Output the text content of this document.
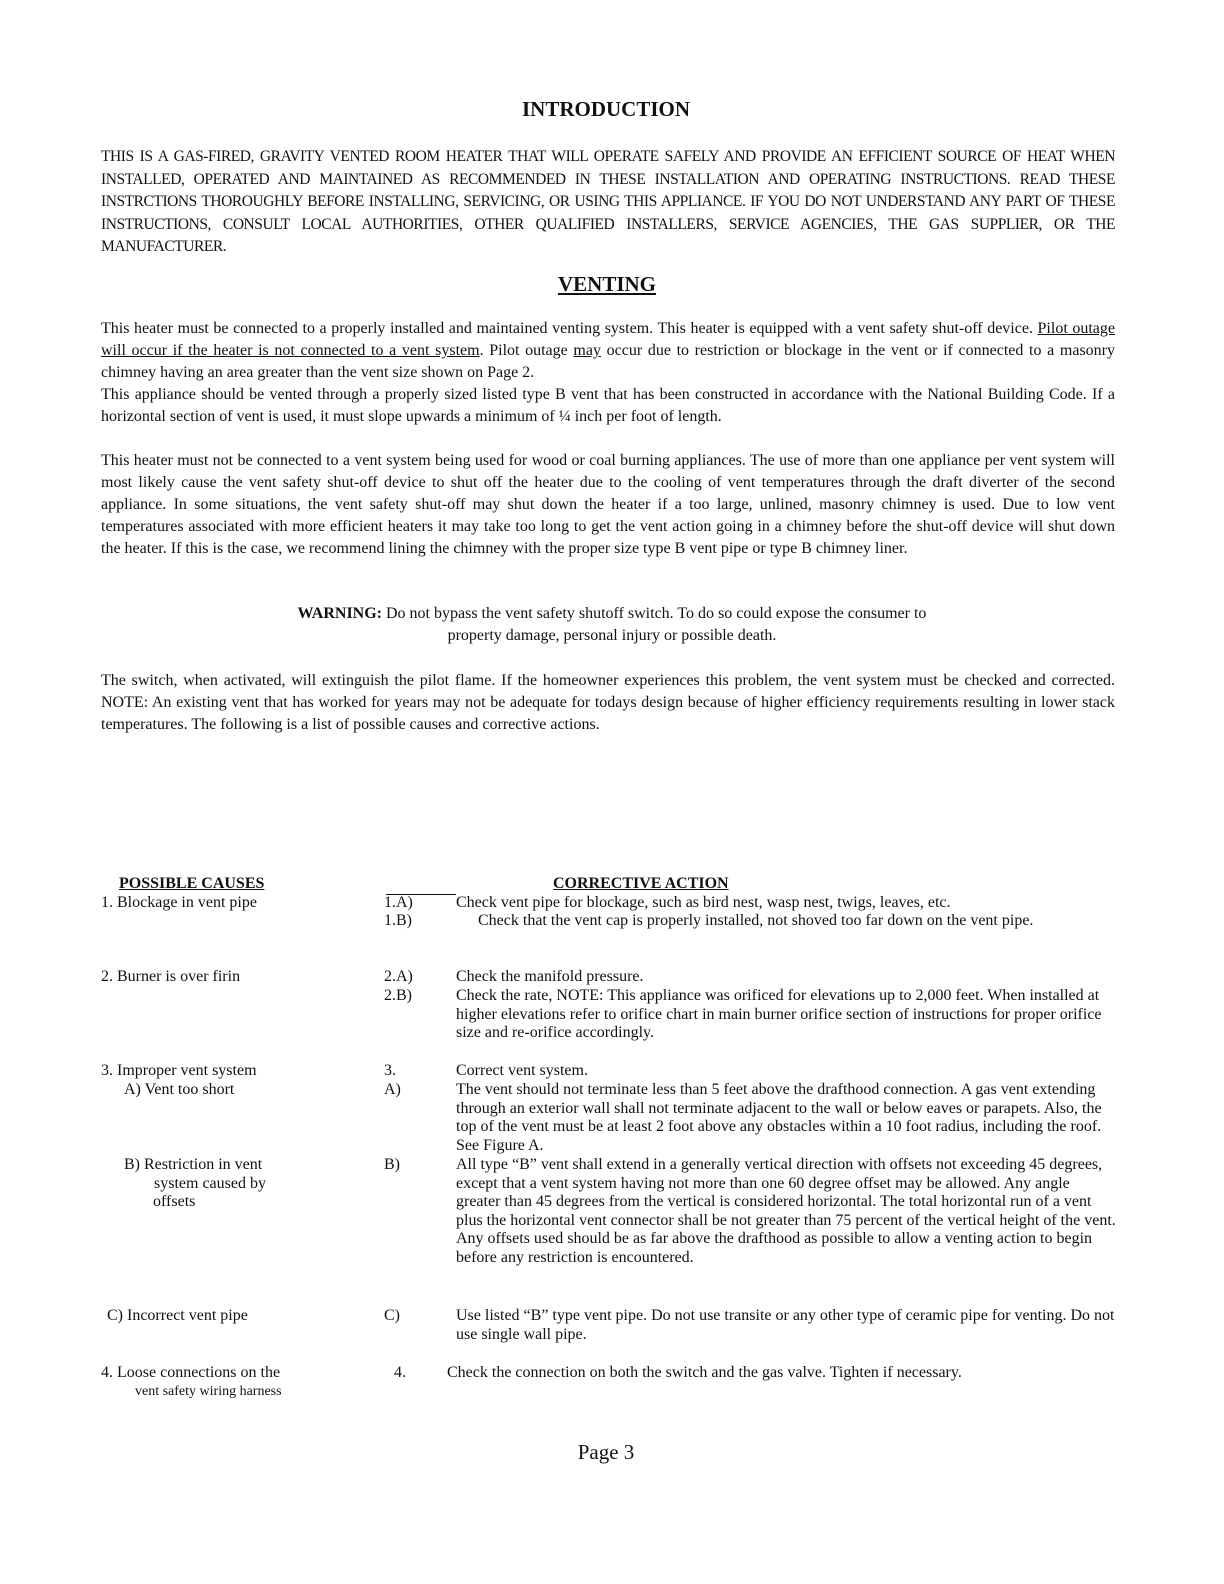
INTRODUCTION
THIS IS A GAS-FIRED, GRAVITY VENTED ROOM HEATER THAT WILL OPERATE SAFELY AND PROVIDE AN EFFICIENT SOURCE OF HEAT WHEN INSTALLED, OPERATED AND MAINTAINED AS RECOMMENDED IN THESE INSTALLATION AND OPERATING INSTRUCTIONS. READ THESE INSTRCTIONS THOROUGHLY BEFORE INSTALLING, SERVICING, OR USING THIS APPLIANCE. IF YOU DO NOT UNDERSTAND ANY PART OF THESE INSTRUCTIONS, CONSULT LOCAL AUTHORITIES, OTHER QUALIFIED INSTALLERS, SERVICE AGENCIES, THE GAS SUPPLIER, OR THE MANUFACTURER.
VENTING
This heater must be connected to a properly installed and maintained venting system. This heater is equipped with a vent safety shut-off device. Pilot outage will occur if the heater is not connected to a vent system. Pilot outage may occur due to restriction or blockage in the vent or if connected to a masonry chimney having an area greater than the vent size shown on Page 2.
This appliance should be vented through a properly sized listed type B vent that has been constructed in accordance with the National Building Code. If a horizontal section of vent is used, it must slope upwards a minimum of ¼ inch per foot of length.
This heater must not be connected to a vent system being used for wood or coal burning appliances. The use of more than one appliance per vent system will most likely cause the vent safety shut-off device to shut off the heater due to the cooling of vent temperatures through the draft diverter of the second appliance. In some situations, the vent safety shut-off may shut down the heater if a too large, unlined, masonry chimney is used. Due to low vent temperatures associated with more efficient heaters it may take too long to get the vent action going in a chimney before the shut-off device will shut down the heater. If this is the case, we recommend lining the chimney with the proper size type B vent pipe or type B chimney liner.
WARNING: Do not bypass the vent safety shutoff switch. To do so could expose the consumer to
property damage, personal injury or possible death.
The switch, when activated, will extinguish the pilot flame. If the homeowner experiences this problem, the vent system must be checked and corrected. NOTE: An existing vent that has worked for years may not be adequate for todays design because of higher efficiency requirements resulting in lower stack temperatures. The following is a list of possible causes and corrective actions.
POSSIBLE CAUSES	CORRECTIVE ACTION
1. Blockage in vent pipe	1.A)	Check vent pipe for blockage, such as bird nest, wasp nest, twigs, leaves, etc.
1.B)	Check that the vent cap is properly installed, not shoved too far down on the vent pipe.
2. Burner is over firin	2.A)	Check the manifold pressure.
2.B)	Check the rate, NOTE: This appliance was orificed for elevations up to 2,000 feet. When installed at higher elevations refer to orifice chart in main burner orifice section of instructions for proper orifice size and re-orifice accordingly.
3. Improper vent system	3.	Correct vent system.
A) Vent too short	A)	The vent should not terminate less than 5 feet above the drafthood connection. A gas vent extending through an exterior wall shall not terminate adjacent to the wall or below eaves or parapets. Also, the top of the vent must be at least 2 foot above any obstacles within a 10 foot radius, including the roof. See Figure A.
B) Restriction in vent
system caused by
offsets
B)	All type “B” vent shall extend in a generally vertical direction with offsets not exceeding 45 degrees, except that a vent system having not more than one 60 degree offset may be allowed. Any angle greater than 45 degrees from the vertical is considered horizontal. The total horizontal run of a vent plus the horizontal vent connector shall be not greater than 75 percent of the vertical height of the vent. Any offsets used should be as far above the drafthood as possible to allow a venting action to begin before any restriction is encountered.
C) Incorrect vent pipe	C)	Use listed “B” type vent pipe. Do not use transite or any other type of ceramic pipe for venting. Do not use single wall pipe.
4. Loose connections on the
vent safety wiring harness
4.	Check the connection on both the switch and the gas valve. Tighten if necessary.
Page 3
